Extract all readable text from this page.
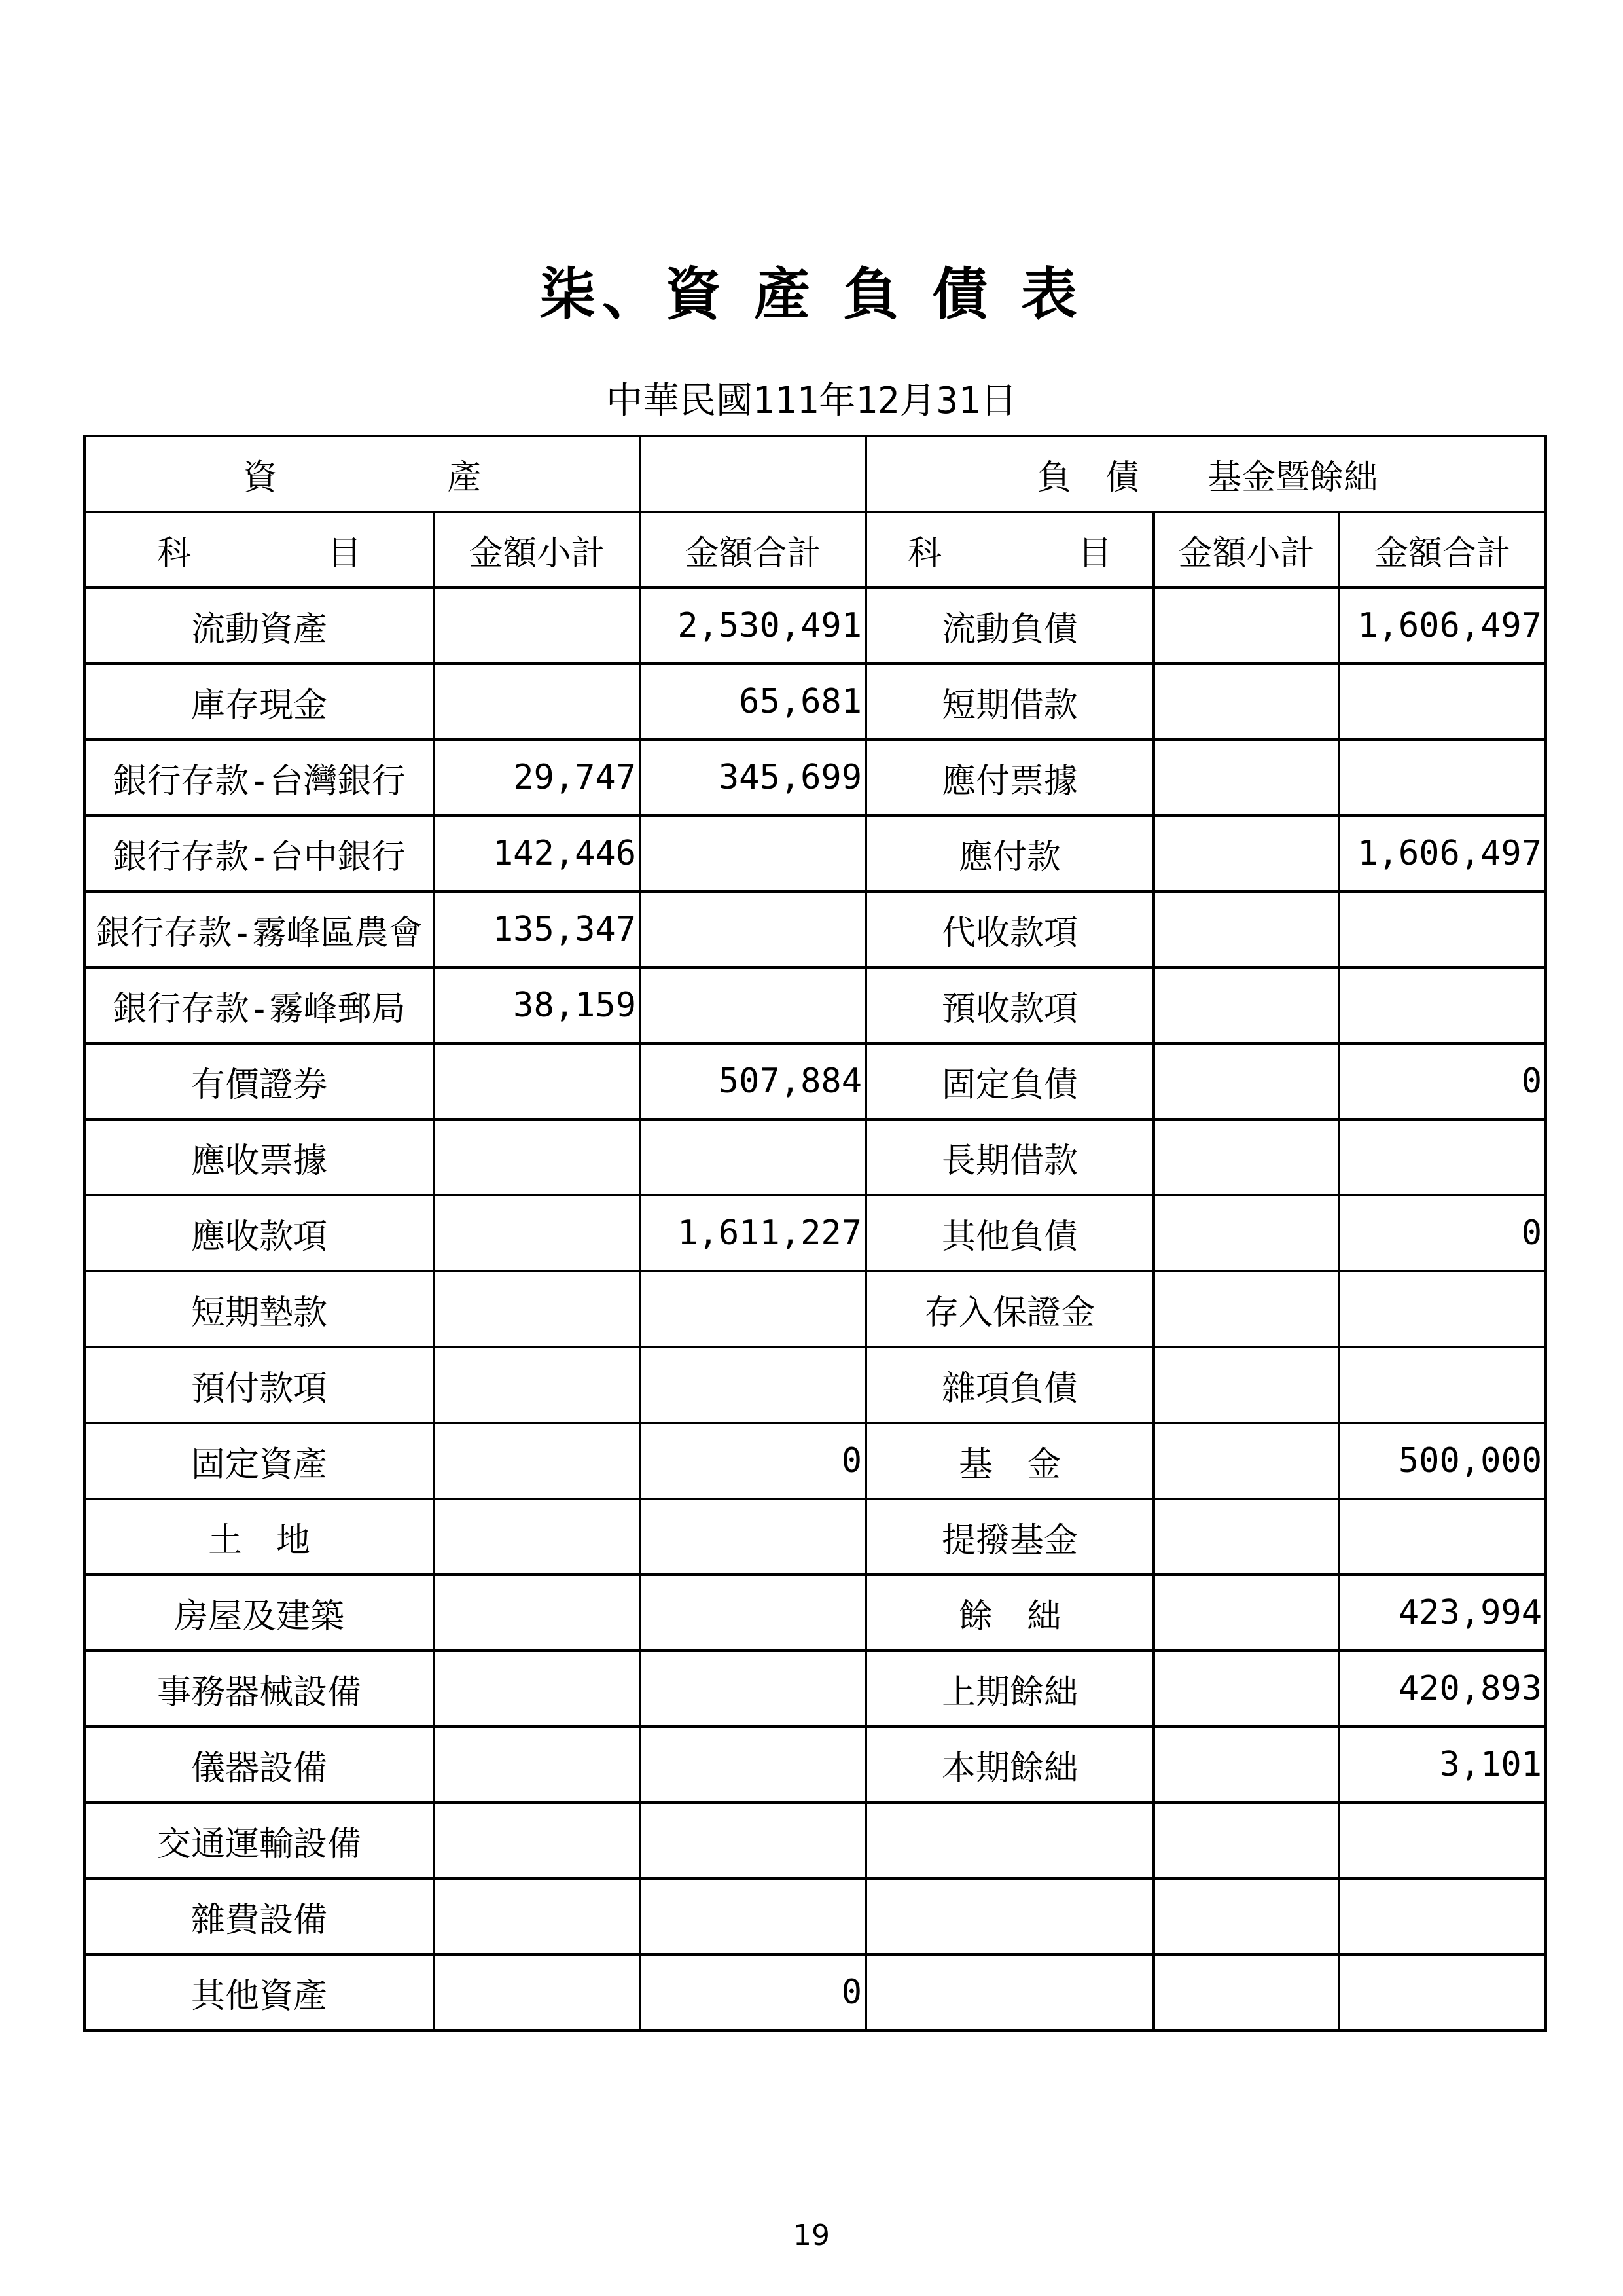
柒、資 產 負 債 表
中華民國111年12月31日
資　　　　　產			負　債　　基金暨餘絀		
科　　　　目	金額小計	金額合計	科　　　　目	金額小計	金額合計
流動資產		2,530,491	流動負債		1,606,497
庫存現金		65,681	短期借款		
銀行存款-台灣銀行	29,747	345,699	應付票據		
銀行存款-台中銀行	142,446		應付款		1,606,497
銀行存款-霧峰區農會	135,347		代收款項		
銀行存款-霧峰郵局	38,159		預收款項		
有價證券		507,884	固定負債		0
應收票據			長期借款		
應收款項		1,611,227	其他負債		0
短期墊款			存入保證金		
預付款項			雜項負債		
固定資產		0	基　金		500,000
土　地			提撥基金		
房屋及建築			餘　絀		423,994
事務器械設備			上期餘絀		420,893
儀器設備			本期餘絀		3,101
交通運輸設備					
雜費設備					
其他資產		0			
19
